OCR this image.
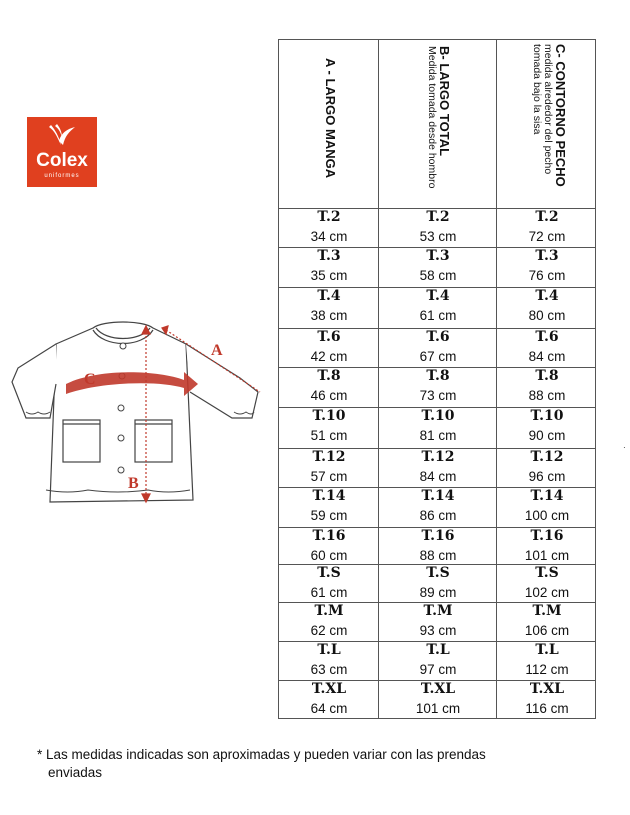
Colex
uniformes
B
C
A
A - LARGO MANGA	B- LARGO TOTAL
Medida tomada desde hombro	C- CONTORNO PECHO
medida alrededor del pecho
tomada bajo la sisa
T.2
34 cm
T.2
53 cm
T.2
72 cm
T.3
35 cm
T.3
58 cm
T.3
76 cm
T.4
38 cm
T.4
61 cm
T.4
80 cm
T.6
42 cm
T.6
67 cm
T.6
84 cm
T.8
46 cm
T.8
73 cm
T.8
88 cm
T.10
51 cm
T.10
81 cm
T.10
90 cm
T.12
57 cm
T.12
84 cm
T.12
96 cm
T.14
59 cm
T.14
86 cm
T.14
100 cm
T.16
60 cm
T.16
88 cm
T.16
101 cm
T.S
61 cm
T.S
89 cm
T.S
102 cm
T.M
62 cm
T.M
93 cm
T.M
106 cm
T.L
63 cm
T.L
97 cm
T.L
112 cm
T.XL
64 cm
T.XL
101 cm
T.XL
116 cm
* Las medidas indicadas son aproximadas y pueden variar con las prendas
enviadas
·
